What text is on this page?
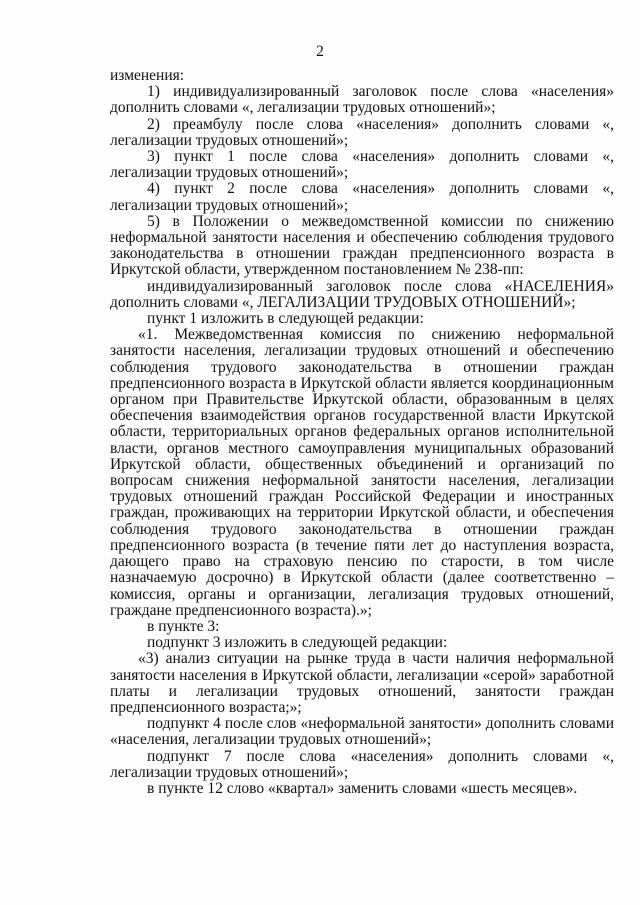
2

изменения:

1) индивидуализированный заголовок после слова «населения» дополнить словами «, легализации трудовых отношений»;

2) преамбулу после слова «населения» дополнить словами «, легализации трудовых отношений»;

3) пункт 1 после слова «населения» дополнить словами «, легализации трудовых отношений»;

4) пункт 2 после слова «населения» дополнить словами «, легализации трудовых отношений»;

5) в Положении о межведомственной комиссии по снижению неформальной занятости населения и обеспечению соблюдения трудового законодательства в отношении граждан предпенсионного возраста в Иркутской области, утвержденном постановлением № 238-пп:

индивидуализированный заголовок после слова «НАСЕЛЕНИЯ» дополнить словами «, ЛЕГАЛИЗАЦИИ ТРУДОВЫХ ОТНОШЕНИЙ»;

пункт 1 изложить в следующей редакции:

«1. Межведомственная комиссия по снижению неформальной занятости населения, легализации трудовых отношений и обеспечению соблюдения трудового законодательства в отношении граждан предпенсионного возраста в Иркутской области является координационным органом при Правительстве Иркутской области, образованным в целях обеспечения взаимодействия органов государственной власти Иркутской области, территориальных органов федеральных органов исполнительной власти, органов местного самоуправления муниципальных образований Иркутской области, общественных объединений и организаций по вопросам снижения неформальной занятости населения, легализации трудовых отношений граждан Российской Федерации и иностранных граждан, проживающих на территории Иркутской области, и обеспечения соблюдения трудового законодательства в отношении граждан предпенсионного возраста (в течение пяти лет до наступления возраста, дающего право на страховую пенсию по старости, в том числе назначаемую досрочно) в Иркутской области (далее соответственно – комиссия, органы и организации, легализация трудовых отношений, граждане предпенсионного возраста).»;

в пункте 3:

подпункт 3 изложить в следующей редакции:

«3) анализ ситуации на рынке труда в части наличия неформальной занятости населения в Иркутской области, легализации «серой» заработной платы и легализации трудовых отношений, занятости граждан предпенсионного возраста;»;

подпункт 4 после слов «неформальной занятости» дополнить словами «населения, легализации трудовых отношений»;

подпункт 7 после слова «населения» дополнить словами «, легализации трудовых отношений»;

в пункте 12 слово «квартал» заменить словами «шесть месяцев».
